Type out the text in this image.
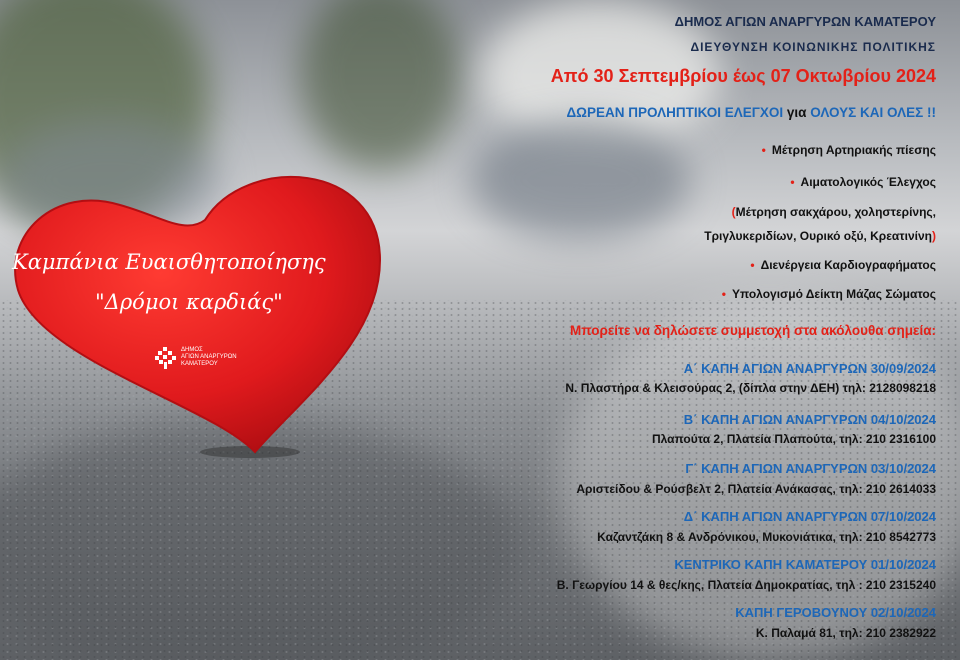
Καμπάνια Ευαισθητοποίησης
"Δρόμοι καρδιάς"
ΔΗΜΟΣ
ΑΓΙΩΝ ΑΝΑΡΓΥΡΩΝ
ΚΑΜΑΤΕΡΟΥ
ΔΗΜΟΣ ΑΓΙΩΝ ΑΝΑΡΓΥΡΩΝ ΚΑΜΑΤΕΡΟΥ
ΔΙΕΥΘΥΝΣΗ ΚΟΙΝΩΝΙΚΗΣ ΠΟΛΙΤΙΚΗΣ
Από 30 Σεπτεμβρίου έως 07 Οκτωβρίου 2024
ΔΩΡΕΑΝ ΠΡΟΛΗΠΤΙΚΟΙ ΕΛΕΓΧΟΙ για ΟΛΟΥΣ ΚΑΙ ΟΛΕΣ !!
• Μέτρηση Αρτηριακής πίεσης
• Αιματολογικός Έλεγχος
(Μέτρηση σακχάρου, χοληστερίνης,
Τριγλυκεριδίων, Ουρικό οξύ, Κρεατινίνη)
• Διενέργεια Καρδιογραφήματος
• Υπολογισμό Δείκτη Μάζας Σώματος
Μπορείτε να δηλώσετε συμμετοχή στα ακόλουθα σημεία:
Α΄ ΚΑΠΗ ΑΓΙΩΝ ΑΝΑΡΓΥΡΩΝ 30/09/2024
Ν. Πλαστήρα & Κλεισούρας 2, (δίπλα στην ΔΕΗ) τηλ: 2128098218
Β΄ ΚΑΠΗ ΑΓΙΩΝ ΑΝΑΡΓΥΡΩΝ 04/10/2024
Πλαπούτα 2, Πλατεία Πλαπούτα, τηλ: 210 2316100
Γ΄ ΚΑΠΗ ΑΓΙΩΝ ΑΝΑΡΓΥΡΩΝ 03/10/2024
Αριστείδου & Ρούσβελτ 2, Πλατεία Ανάκασας, τηλ: 210 2614033
Δ΄ ΚΑΠΗ ΑΓΙΩΝ ΑΝΑΡΓΥΡΩΝ 07/10/2024
Καζαντζάκη 8 & Ανδρόνικου, Μυκονιάτικα, τηλ: 210 8542773
ΚΕΝΤΡΙΚΟ ΚΑΠΗ ΚΑΜΑΤΕΡΟΥ 01/10/2024
Β. Γεωργίου 14 & θες/κης, Πλατεία Δημοκρατίας, τηλ : 210 2315240
ΚΑΠΗ ΓΕΡΟΒΟΥΝΟΥ 02/10/2024
Κ. Παλαμά 81, τηλ: 210 2382922
